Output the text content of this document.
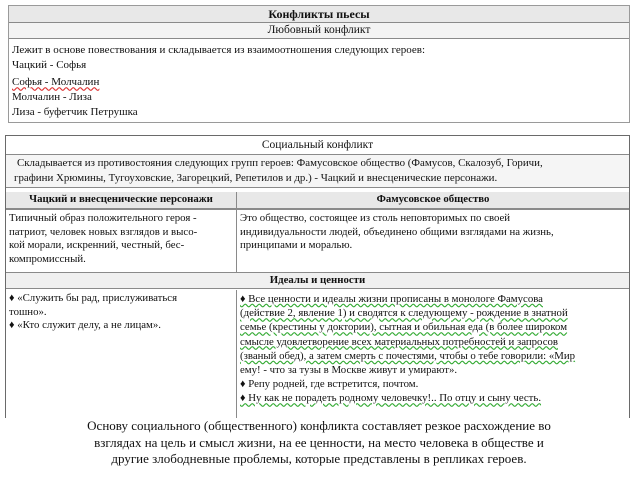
Конфликты пьесы
Любовный конфликт
Лежит в основе повествования и складывается из взаимоотношения следующих героев:
Чацкий - Софья
Софья - Молчалин
Молчалин - Лиза
Лиза - буфетчик Петрушка
Социальный конфликт
Складывается из противостояния следующих групп героев: Фамусовское общество (Фамусов, Скалозуб, Горичи,
графини Хрюмины, Тугоуховские, Загорецкий, Репетилов и др.) - Чацкий и внесценические персонажи.
Чацкий и внесценические персонажи	Фамусовское общество
Типичный образ положительного героя -
патриот, человек новых взглядов и высо-
кой морали, искренний, честный, бес-
компромиссный.
Это общество, состоящее из столь неповторимых по своей
индивидуальности людей, объединено общими взглядами на жизнь,
принципами и моралью.
Идеалы и ценности
♦ «Служить бы рад, прислуживаться
тошно».
♦ «Кто служит делу, а не лицам».
♦ Все ценности и идеалы жизни прописаны в монологе Фамусова
(действие 2, явление 1) и сводятся к следующему - рождение в знатной
семье (крестины у доктории), сытная и обильная еда (в более широком
смысле удовлетворение всех материальных потребностей и запросов
(званый обед), а затем смерть с почестями, чтобы о тебе говорили: «Мир
ему! - что за тузы в Москве живут и умирают».
♦ Репу родней, где встретится, почтом.
♦ Ну как не порадеть родному человечку!.. По отцу и сыну честь.
Основу социального (общественного) конфликта составляет резкое расхождение во
взглядах на цель и смысл жизни, на ее ценности, на место человека в обществе и
другие злободневные проблемы, которые представлены в репликах героев.
